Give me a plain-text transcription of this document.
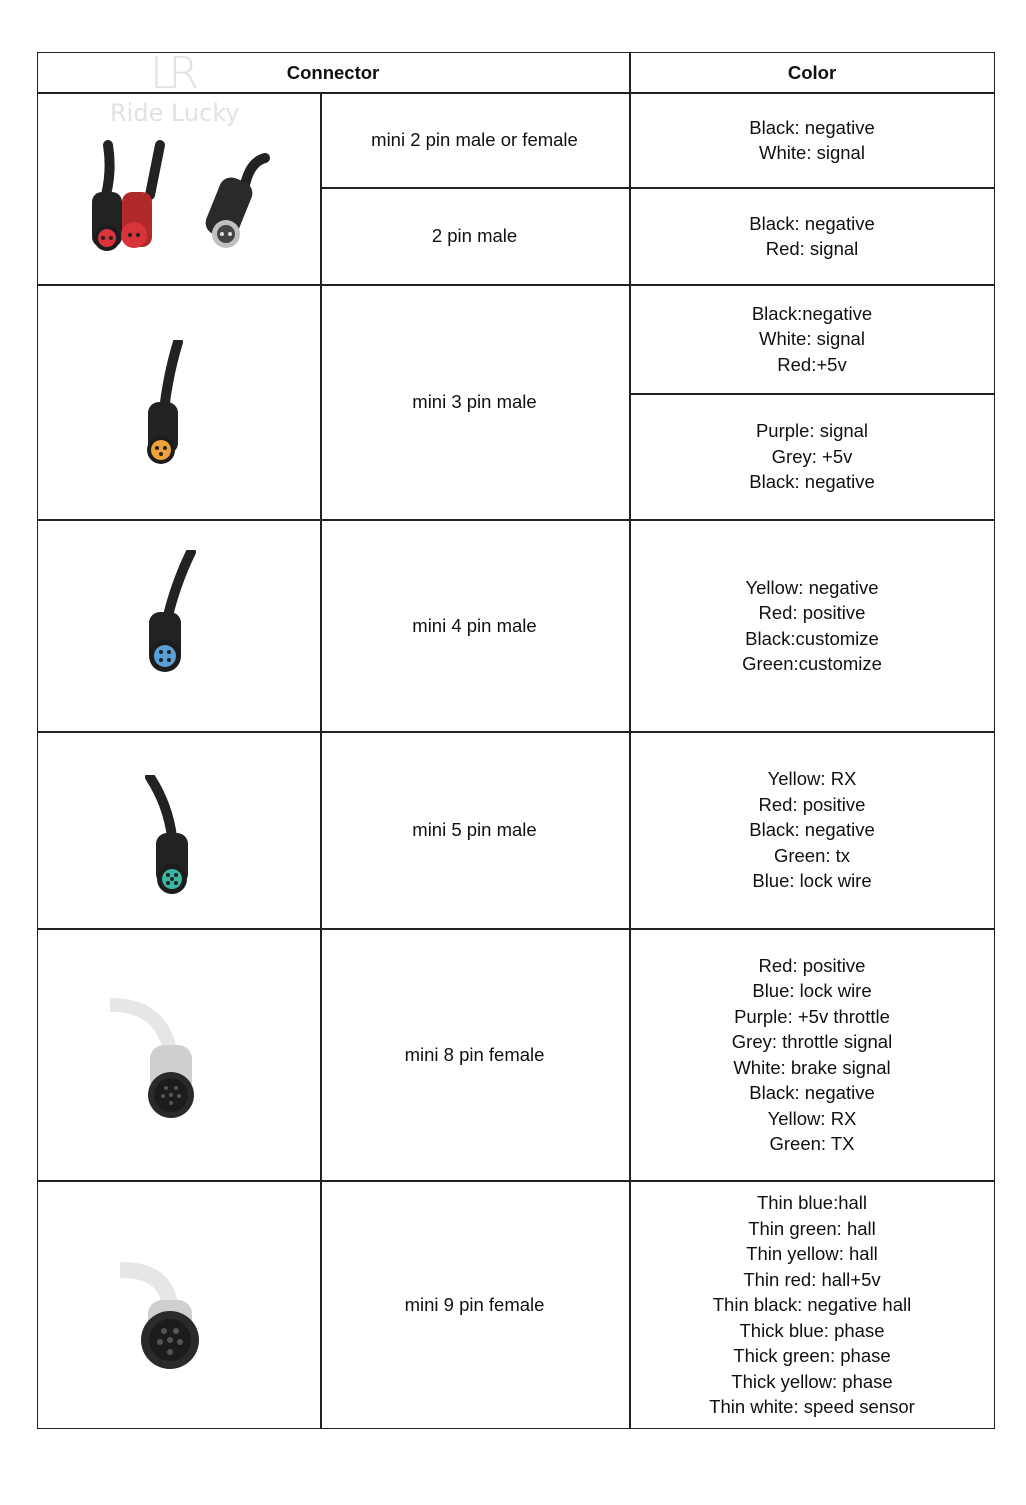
Connector	Color
mini 2 pin male or female
2 pin male
mini 3 pin male
mini 4 pin male
mini 5 pin male
mini 8 pin female
mini 9 pin female
Black: negative
White: signal
Black: negative
Red: signal
Black:negative
White: signal
Red:+5v
Purple: signal
Grey: +5v
Black: negative
Yellow: negative
Red: positive
Black:customize
Green:customize
Yellow: RX
Red: positive
Black: negative
Green: tx
Blue: lock wire
Red: positive
Blue: lock wire
Purple: +5v throttle
Grey: throttle signal
White: brake signal
Black: negative
Yellow: RX
Green: TX
Thin blue:hall
Thin green: hall
Thin yellow: hall
Thin red: hall+5v
Thin black: negative hall
Thick blue: phase
Thick green: phase
Thick yellow: phase
Thin white: speed sensor
LR
Ride Lucky
